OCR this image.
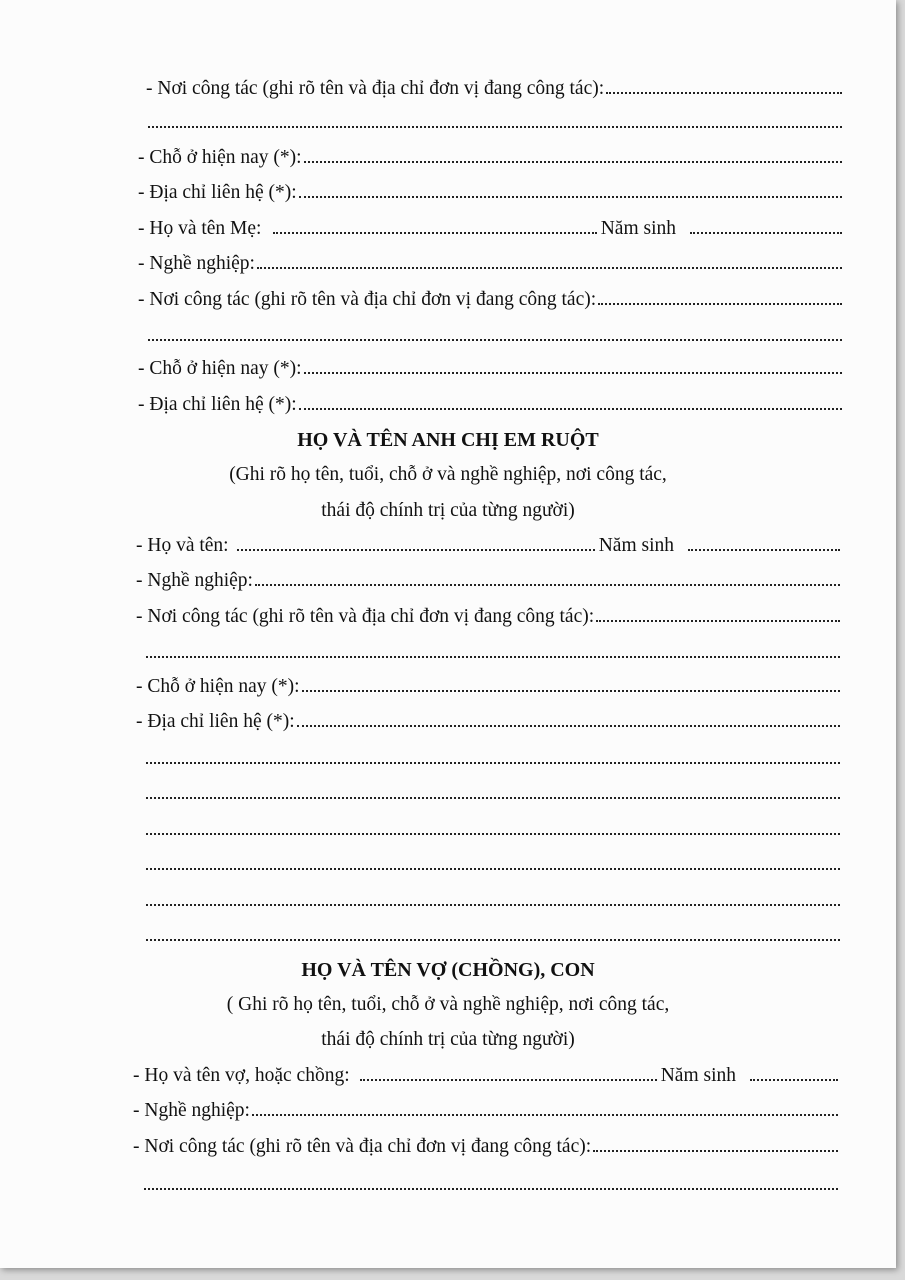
- Nơi công tác (ghi rõ tên và địa chỉ đơn vị đang công tác):
- Chỗ ở hiện nay (*):
- Địa chỉ liên hệ (*):
- Họ và tên Mẹ:	Năm sinh
- Nghề nghiệp:
- Nơi công tác (ghi rõ tên và địa chỉ đơn vị đang công tác):
- Chỗ ở hiện nay (*):
- Địa chỉ liên hệ (*):
HỌ VÀ TÊN ANH CHỊ EM RUỘT
(Ghi rõ họ tên, tuổi, chỗ ở và nghề nghiệp, nơi công tác,
thái độ chính trị của từng người)
- Họ và tên:	Năm sinh
- Nghề nghiệp:
- Nơi công tác (ghi rõ tên và địa chỉ đơn vị đang công tác):
- Chỗ ở hiện nay (*):
- Địa chỉ liên hệ (*):
HỌ VÀ TÊN VỢ (CHỒNG), CON
( Ghi rõ họ tên, tuổi, chỗ ở và nghề nghiệp, nơi công tác,
thái độ chính trị của từng người)
- Họ và tên vợ, hoặc chồng:	Năm sinh
- Nghề nghiệp:
- Nơi công tác (ghi rõ tên và địa chỉ đơn vị đang công tác):
